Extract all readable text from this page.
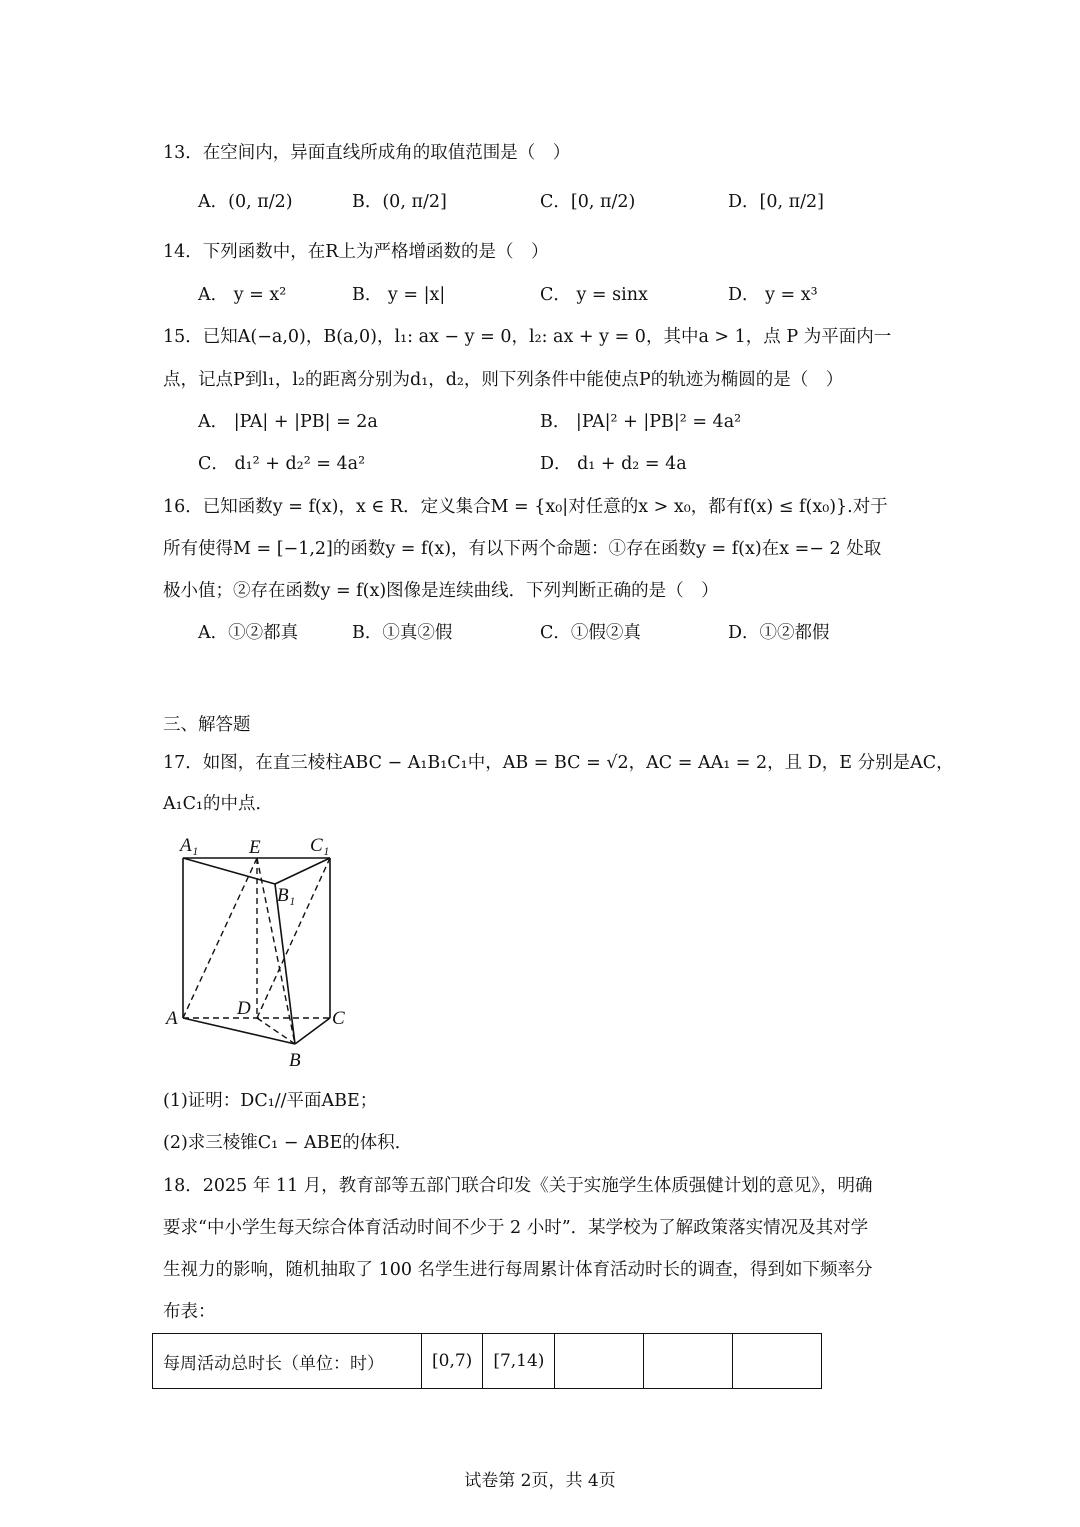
13．在空间内，异面直线所成角的取值范围是（　）
A．(0, π/2)	B．(0, π/2]	C．[0, π/2)	D．[0, π/2]
14．下列函数中，在R上为严格增函数的是（　）
A． y = x²	B． y = |x|	C． y = sinx	D． y = x³
15．已知A(−a,0)，B(a,0)，l₁: ax − y = 0，l₂: ax + y = 0，其中a > 1，点 P 为平面内一
点，记点P到l₁，l₂的距离分别为d₁，d₂，则下列条件中能使点P的轨迹为椭圆的是（　）
A． |PA| + |PB| = 2a	B． |PA|² + |PB|² = 4a²
C． d₁² + d₂² = 4a²	D． d₁ + d₂ = 4a
16．已知函数y = f(x)，x ∈ R．定义集合M = {x₀|对任意的x > x₀，都有f(x) ≤ f(x₀)}.对于
所有使得M = [−1,2]的函数y = f(x)，有以下两个命题：①存在函数y = f(x)在x =− 2 处取
极小值；②存在函数y = f(x)图像是连续曲线．下列判断正确的是（　）
A．①②都真	B．①真②假	C．①假②真	D．①②都假
三、解答题
17．如图，在直三棱柱ABC − A₁B₁C₁中，AB = BC = √2，AC = AA₁ = 2，且 D，E 分别是AC，
A₁C₁的中点．
A₁	E	C₁
B₁
A	D	C
B
(1)证明：DC₁//平面ABE；
(2)求三棱锥C₁ − ABE的体积．
18．2025 年 11 月，教育部等五部门联合印发《关于实施学生体质强健计划的意见》，明确
要求“中小学生每天综合体育活动时间不少于 2 小时”．某学校为了解政策落实情况及其对学
生视力的影响，随机抽取了 100 名学生进行每周累计体育活动时长的调查，得到如下频率分
布表：
每周活动总时长（单位：时）	[0,7)	[7,14)			
试卷第 2页，共 4页
